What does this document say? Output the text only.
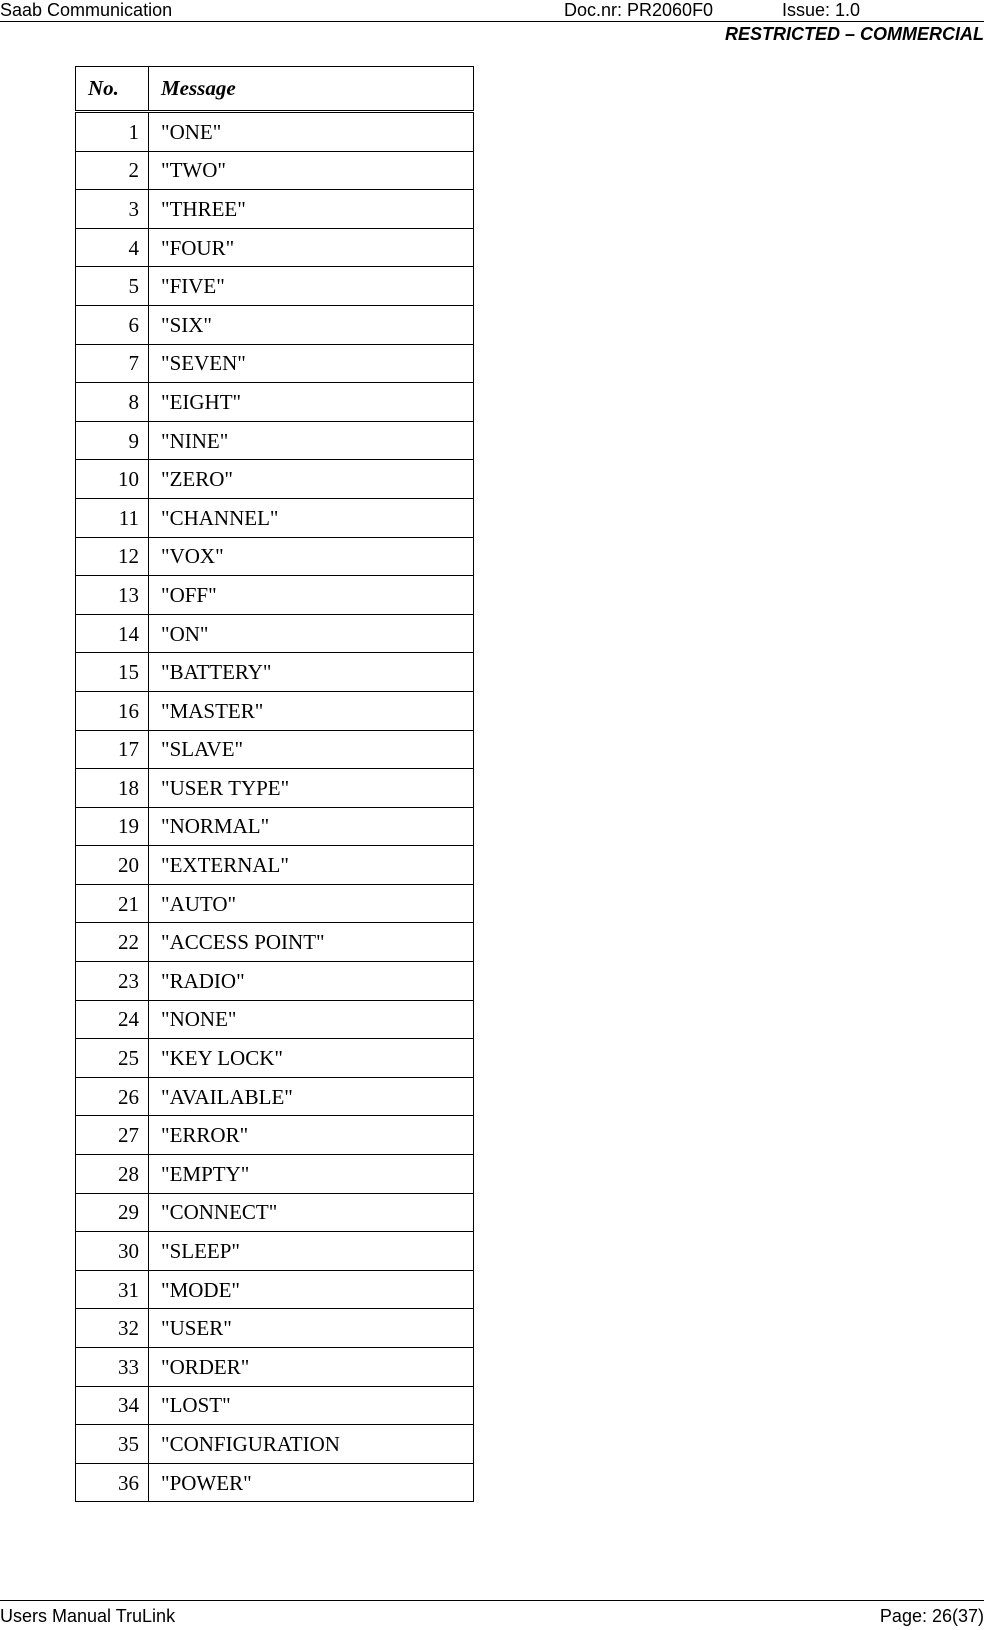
Saab Communication	Doc.nr: PR2060F0	Issue: 1.0
RESTRICTED – COMMERCIAL
No.	Message
1	"ONE"
2	"TWO"
3	"THREE"
4	"FOUR"
5	"FIVE"
6	"SIX"
7	"SEVEN"
8	"EIGHT"
9	"NINE"
10	"ZERO"
11	"CHANNEL"
12	"VOX"
13	"OFF"
14	"ON"
15	"BATTERY"
16	"MASTER"
17	"SLAVE"
18	"USER TYPE"
19	"NORMAL"
20	"EXTERNAL"
21	"AUTO"
22	"ACCESS POINT"
23	"RADIO"
24	"NONE"
25	"KEY LOCK"
26	"AVAILABLE"
27	"ERROR"
28	"EMPTY"
29	"CONNECT"
30	"SLEEP"
31	"MODE"
32	"USER"
33	"ORDER"
34	"LOST"
35	"CONFIGURATION
36	"POWER"
Users Manual TruLink	Page: 26(37)
